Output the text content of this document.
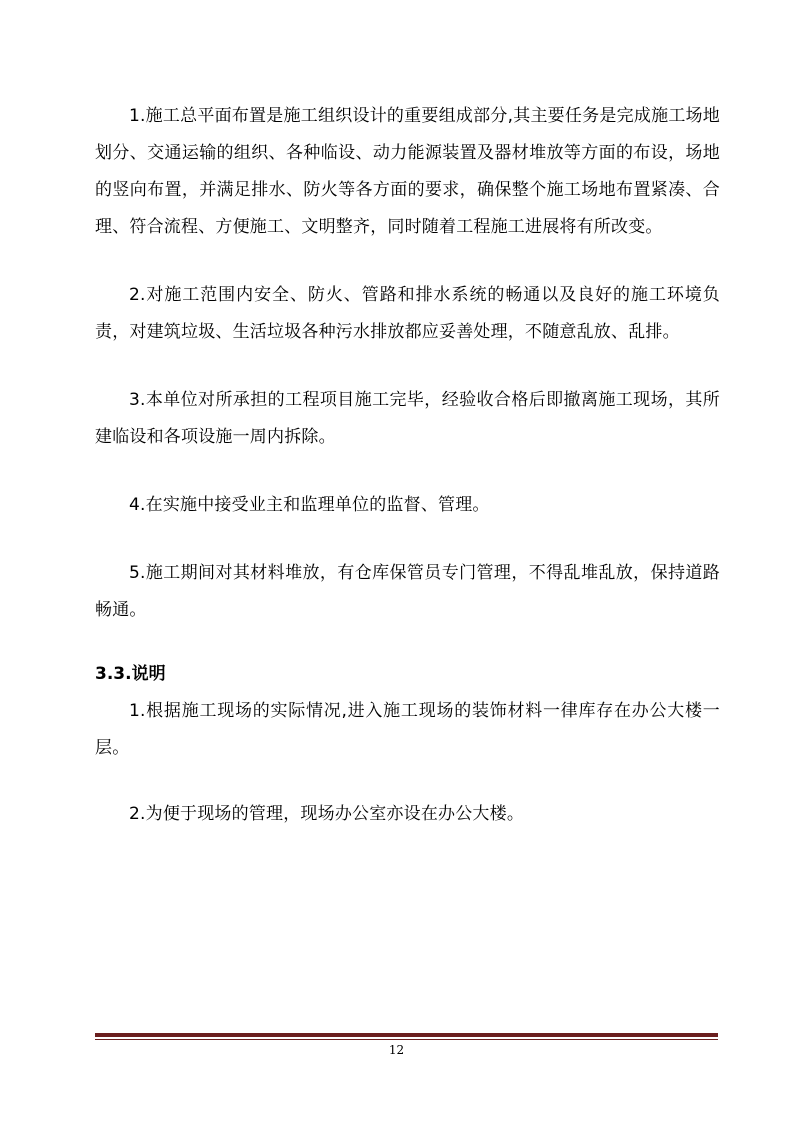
1.施工总平面布置是施工组织设计的重要组成部分,其主要任务是完成施工场地划分、交通运输的组织、各种临设、动力能源装置及器材堆放等方面的布设，场地的竖向布置，并满足排水、防火等各方面的要求，确保整个施工场地布置紧凑、合理、符合流程、方便施工、文明整齐，同时随着工程施工进展将有所改变。

2.对施工范围内安全、防火、管路和排水系统的畅通以及良好的施工环境负责，对建筑垃圾、生活垃圾各种污水排放都应妥善处理，不随意乱放、乱排。

3.本单位对所承担的工程项目施工完毕，经验收合格后即撤离施工现场，其所建临设和各项设施一周内拆除。

4.在实施中接受业主和监理单位的监督、管理。

5.施工期间对其材料堆放，有仓库保管员专门管理，不得乱堆乱放，保持道路畅通。

3.3.说明

1.根据施工现场的实际情况,进入施工现场的装饰材料一律库存在办公大楼一层。

2.为便于现场的管理，现场办公室亦设在办公大楼。

12
